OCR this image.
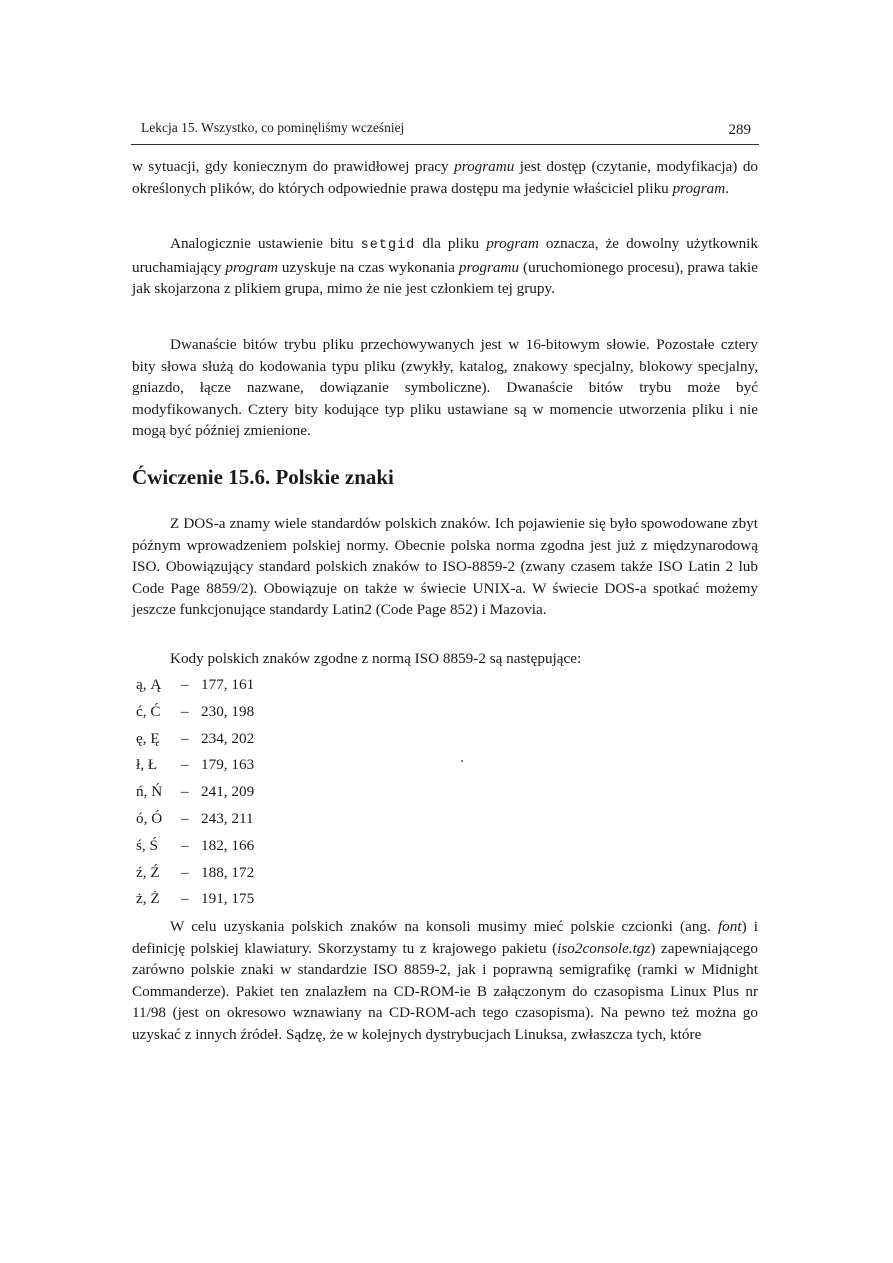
Lekcja 15. Wszystko, co pominęliśmy wcześniej	289

w sytuacji, gdy koniecznym do prawidłowej pracy programu jest dostęp (czytanie, modyfikacja) do określonych plików, do których odpowiednie prawa dostępu ma jedynie właściciel pliku program.

Analogicznie ustawienie bitu setgid dla pliku program oznacza, że dowolny użytkownik uruchamiający program uzyskuje na czas wykonania programu (uruchomionego procesu), prawa takie jak skojarzona z plikiem grupa, mimo że nie jest członkiem tej grupy.

Dwanaście bitów trybu pliku przechowywanych jest w 16-bitowym słowie. Pozostałe cztery bity słowa służą do kodowania typu pliku (zwykły, katalog, znakowy specjalny, blokowy specjalny, gniazdo, łącze nazwane, dowiązanie symboliczne). Dwanaście bitów trybu może być modyfikowanych. Cztery bity kodujące typ pliku ustawiane są w momencie utworzenia pliku i nie mogą być później zmienione.

Ćwiczenie 15.6. Polskie znaki

Z DOS-a znamy wiele standardów polskich znaków. Ich pojawienie się było spowodowane zbyt późnym wprowadzeniem polskiej normy. Obecnie polska norma zgodna jest już z międzynarodową ISO. Obowiązujący standard polskich znaków to ISO-8859-2 (zwany czasem także ISO Latin 2 lub Code Page 8859/2). Obowiązuje on także w świecie UNIX-a. W świecie DOS-a spotkać możemy jeszcze funkcjonujące standardy Latin2 (Code Page 852) i Mazovia.

Kody polskich znaków zgodne z normą ISO 8859-2 są następujące:

ą, Ą	– 177, 161
ć, Ć	– 230, 198
ę, Ę	– 234, 202
ł, Ł	– 179, 163
ń, Ń	– 241, 209
ó, Ó	– 243, 211
ś, Ś	– 182, 166
ź, Ź	– 188, 172
ż, Ż	– 191, 175

W celu uzyskania polskich znaków na konsoli musimy mieć polskie czcionki (ang. font) i definicję polskiej klawiatury. Skorzystamy tu z krajowego pakietu (iso2console.tgz) zapewniającego zarówno polskie znaki w standardzie ISO 8859-2, jak i poprawną semigrafikę (ramki w Midnight Commanderze). Pakiet ten znalazłem na CD-ROM-ie B załączonym do czasopisma Linux Plus nr 11/98 (jest on okresowo wznawiany na CD-ROM-ach tego czasopisma). Na pewno też można go uzyskać z innych źródeł. Sądzę, że w kolejnych dystrybucjach Linuksa, zwłaszcza tych, które
